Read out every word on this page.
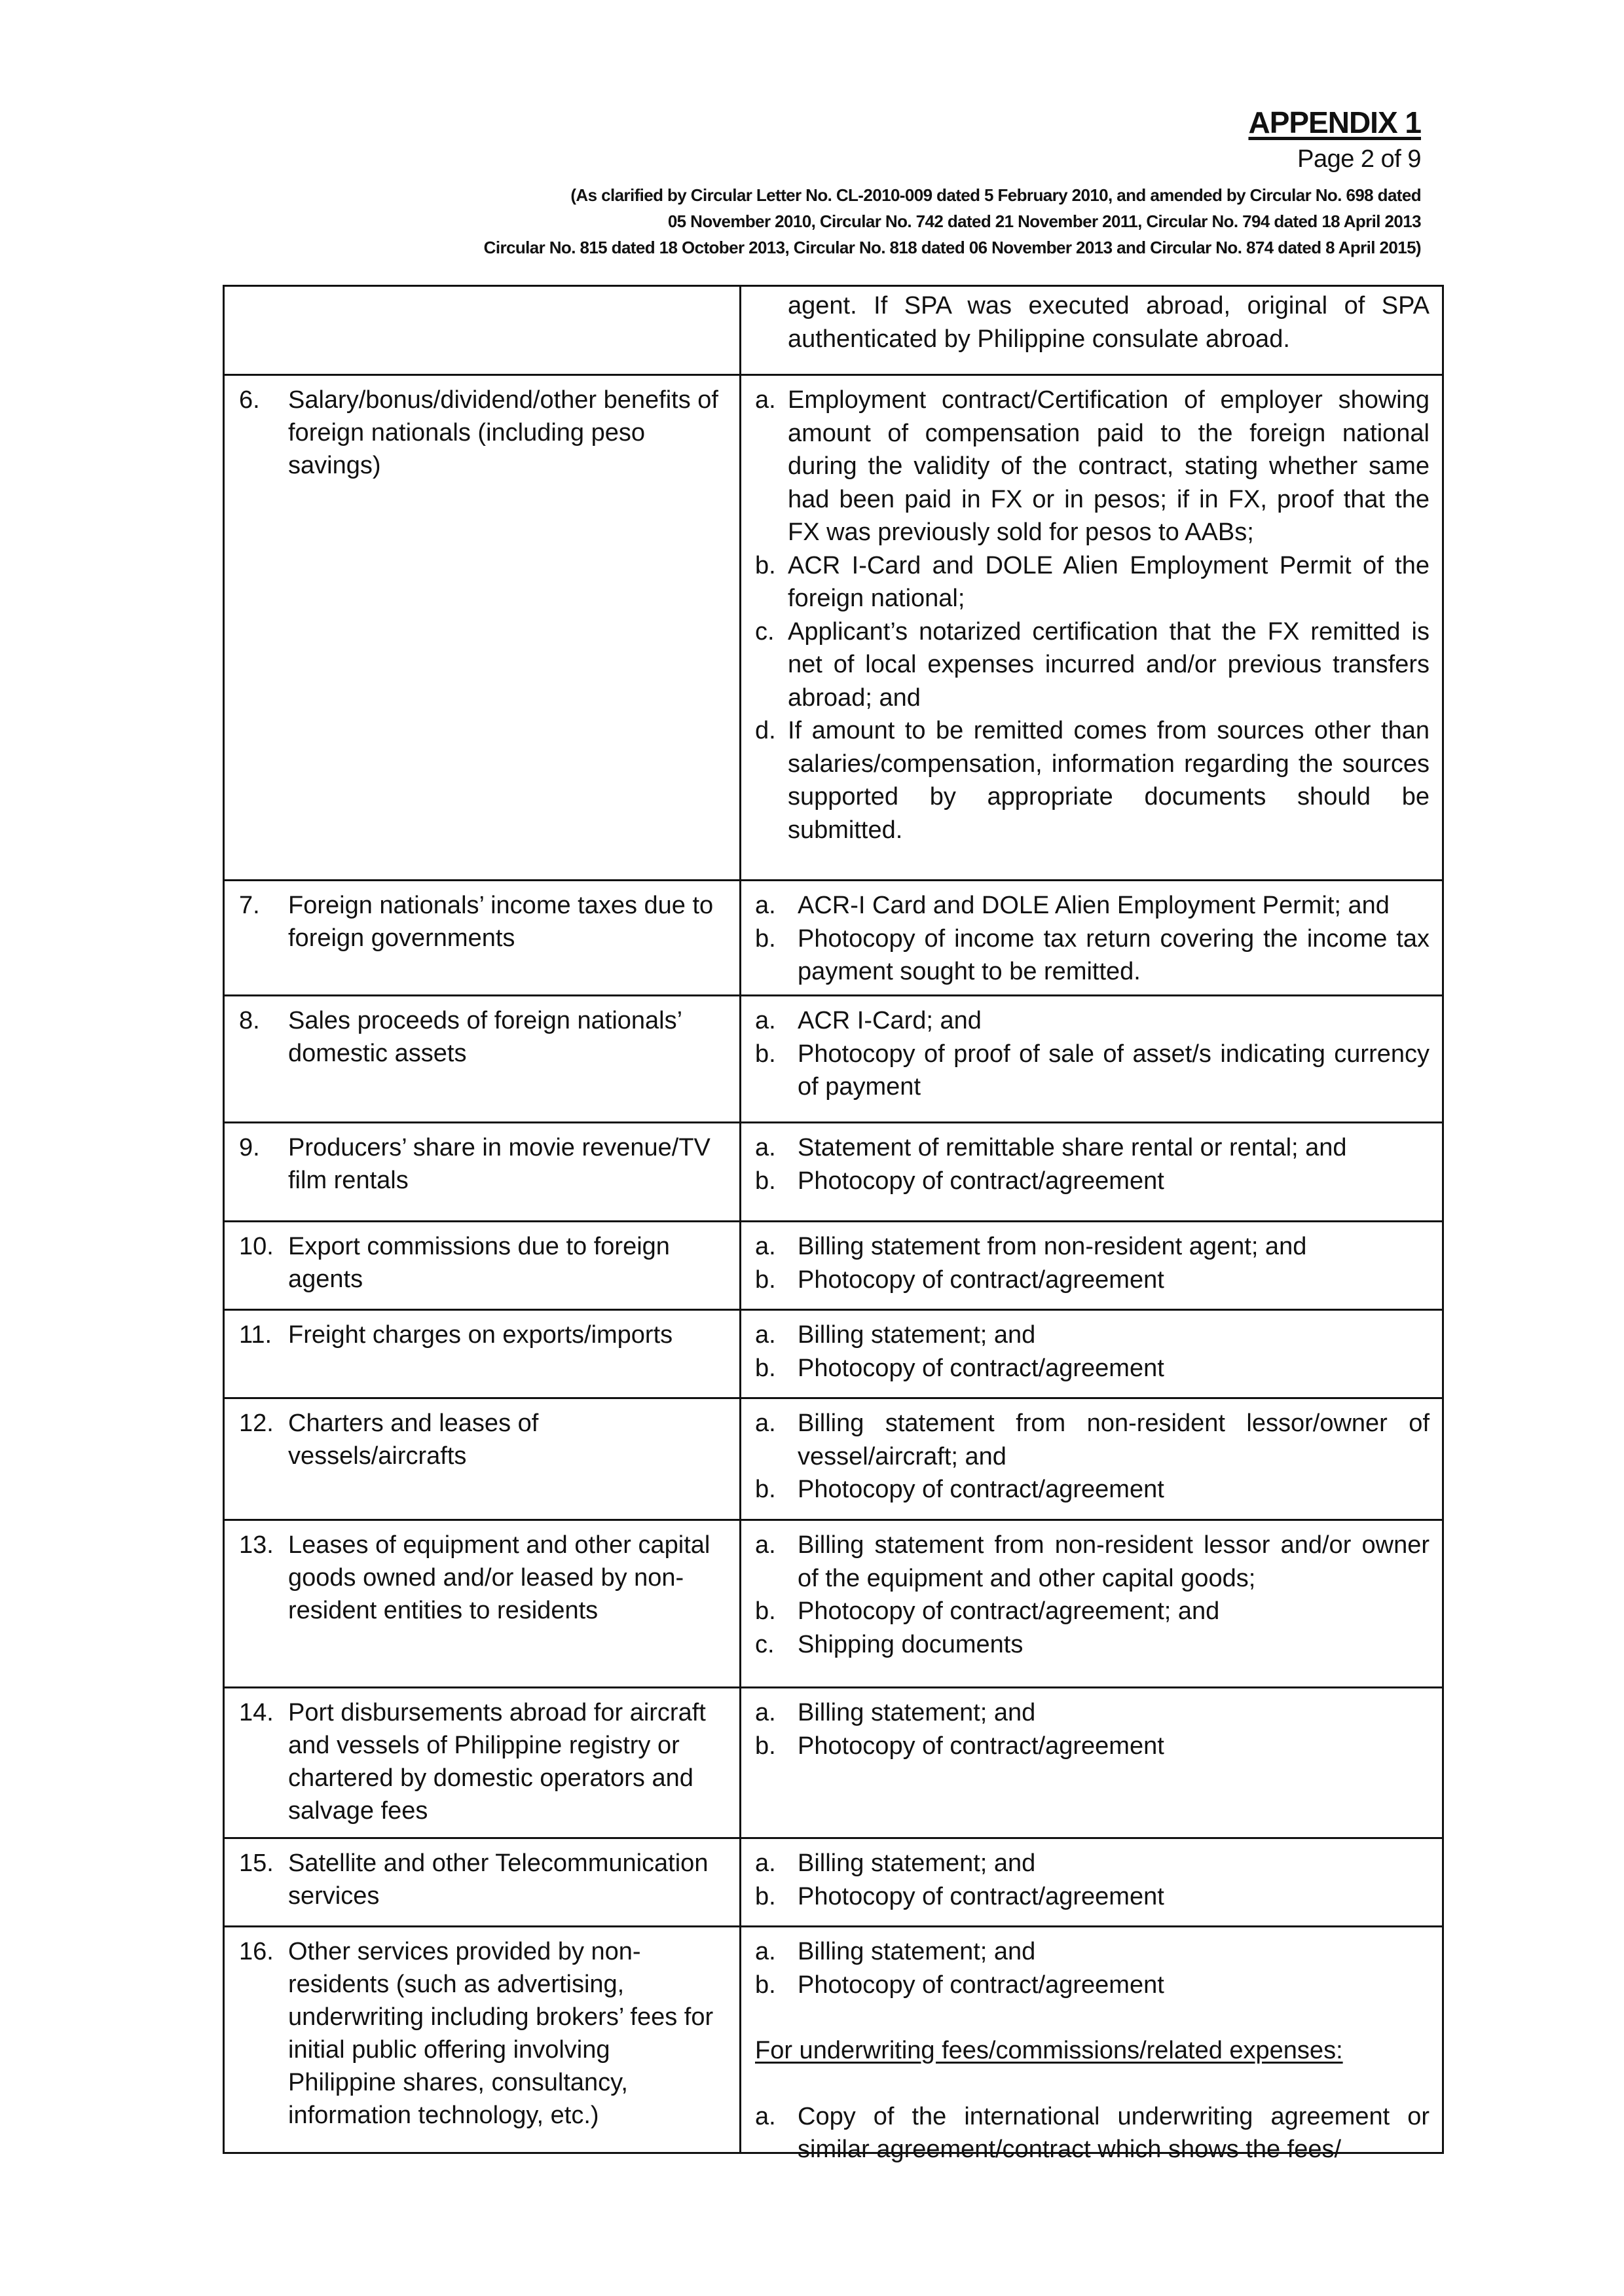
APPENDIX 1
Page 2 of 9
(As clarified by Circular Letter No. CL-2010-009 dated 5 February 2010, and amended by Circular No. 698 dated
05 November 2010, Circular No. 742 dated 21 November 2011, Circular No. 794 dated 18 April 2013
Circular No. 815 dated 18 October 2013, Circular No. 818 dated 06 November 2013 and Circular No. 874 dated 8 April 2015)
agent. If SPA was executed abroad, original of SPA authenticated by Philippine consulate abroad.
6. Salary/bonus/dividend/other benefits of foreign nationals (including peso savings)
a. Employment contract/Certification of employer showing amount of compensation paid to the foreign national during the validity of the contract, stating whether same had been paid in FX or in pesos; if in FX, proof that the FX was previously sold for pesos to AABs;
b. ACR I-Card and DOLE Alien Employment Permit of the foreign national;
c. Applicant’s notarized certification that the FX remitted is net of local expenses incurred and/or previous transfers abroad; and
d. If amount to be remitted comes from sources other than salaries/compensation, information regarding the sources supported by appropriate documents should be submitted.
7. Foreign nationals’ income taxes due to foreign governments
a. ACR-I Card and DOLE Alien Employment Permit; and
b. Photocopy of income tax return covering the income tax payment sought to be remitted.
8. Sales proceeds of foreign nationals’ domestic assets
a. ACR I-Card; and
b. Photocopy of proof of sale of asset/s indicating currency of payment
9. Producers’ share in movie revenue/TV film rentals
a. Statement of remittable share rental or rental; and
b. Photocopy of contract/agreement
10. Export commissions due to foreign agents
a. Billing statement from non-resident agent; and
b. Photocopy of contract/agreement
11. Freight charges on exports/imports	a. Billing statement; and
b. Photocopy of contract/agreement
12. Charters and leases of vessels/aircrafts
a. Billing statement from non-resident lessor/owner of vessel/aircraft; and
b. Photocopy of contract/agreement
13. Leases of equipment and other capital goods owned and/or leased by non-resident entities to residents
a. Billing statement from non-resident lessor and/or owner of the equipment and other capital goods;
b. Photocopy of contract/agreement; and
c. Shipping documents
14. Port disbursements abroad for aircraft and vessels of Philippine registry or chartered by domestic operators and salvage fees
a. Billing statement; and
b. Photocopy of contract/agreement
15. Satellite and other Telecommunication services
a. Billing statement; and
b. Photocopy of contract/agreement
16. Other services provided by non-residents (such as advertising, underwriting including brokers’ fees for initial public offering involving Philippine shares, consultancy, information technology, etc.)
a. Billing statement; and
b. Photocopy of contract/agreement
For underwriting fees/commissions/related expenses:
a. Copy of the international underwriting agreement or similar agreement/contract which shows the fees/
